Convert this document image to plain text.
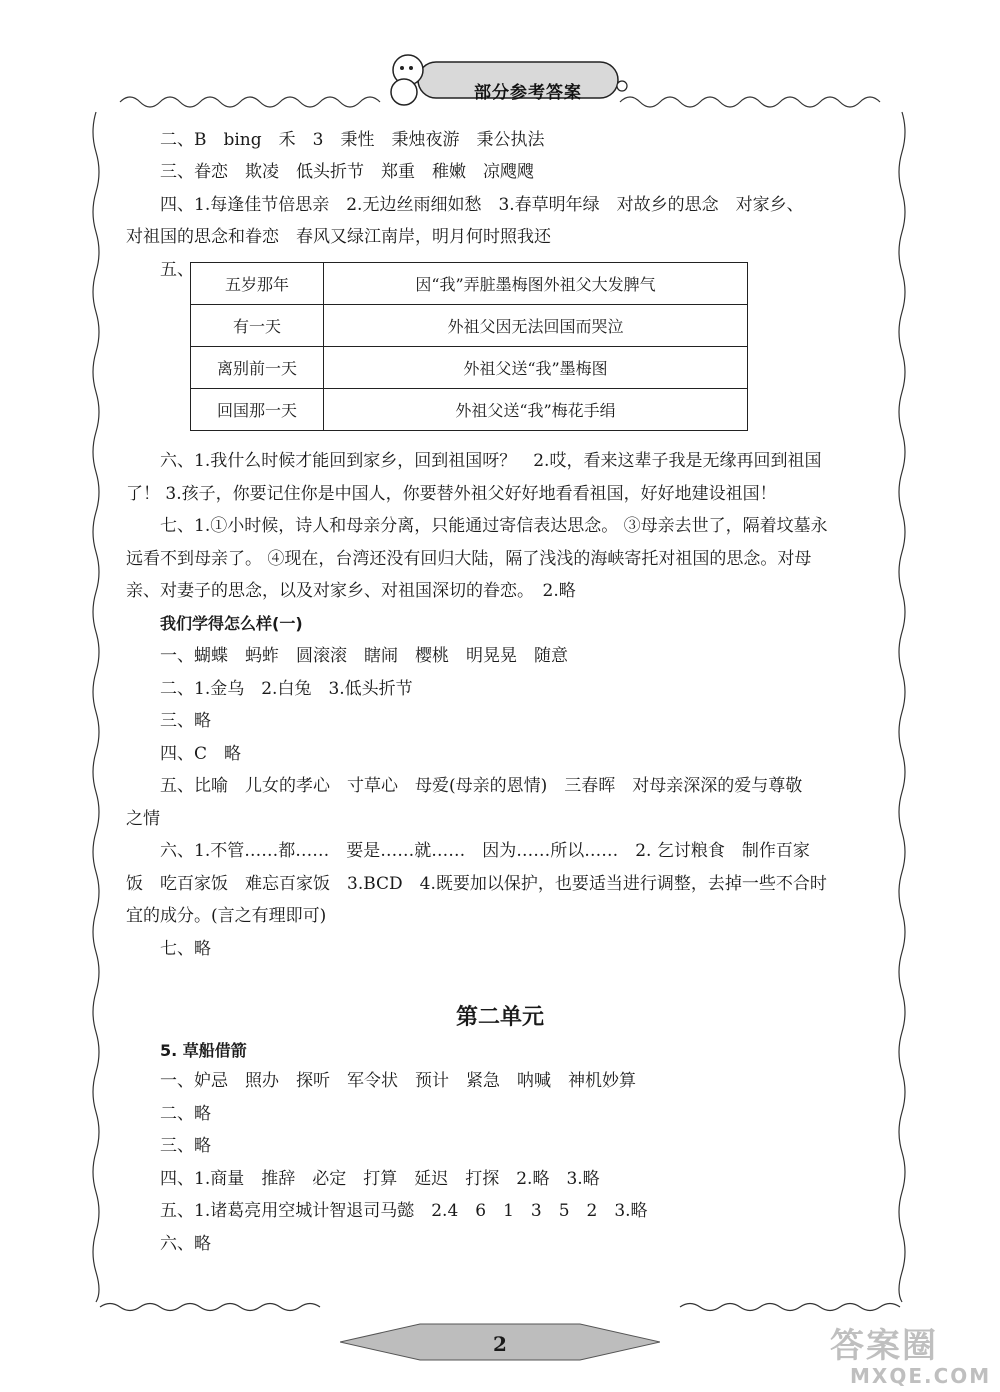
部分参考答案
二、B　bing　禾　3　秉性　秉烛夜游　秉公执法
三、眷恋　欺凌　低头折节　郑重　稚嫩　凉飕飕
四、1.每逢佳节倍思亲　2.无边丝雨细如愁　3.春草明年绿　对故乡的思念　对家乡、
对祖国的思念和眷恋　春风又绿江南岸，明月何时照我还
五、
五岁那年	因“我”弄脏墨梅图外祖父大发脾气
有一天	外祖父因无法回国而哭泣
离别前一天	外祖父送“我”墨梅图
回国那一天	外祖父送“我”梅花手绢
六、1.我什么时候才能回到家乡，回到祖国呀？　2.哎，看来这辈子我是无缘再回到祖国
了！ 3.孩子，你要记住你是中国人，你要替外祖父好好地看看祖国，好好地建设祖国！
七、1.①小时候，诗人和母亲分离，只能通过寄信表达思念。 ③母亲去世了，隔着坟墓永
远看不到母亲了。 ④现在，台湾还没有回归大陆，隔了浅浅的海峡寄托对祖国的思念。对母
亲、对妻子的思念，以及对家乡、对祖国深切的眷恋。　2.略
我们学得怎么样(一)
一、蝴蝶　蚂蚱　圆滚滚　瞎闹　樱桃　明晃晃　随意
二、1.金乌　2.白兔　3.低头折节
三、略
四、C　略
五、比喻　儿女的孝心　寸草心　母爱(母亲的恩情)　三春晖　对母亲深深的爱与尊敬
之情
六、1.不管……都……　要是……就……　因为……所以……　2. 乞讨粮食　制作百家
饭　吃百家饭　难忘百家饭　3.BCD　4.既要加以保护，也要适当进行调整，去掉一些不合时
宜的成分。(言之有理即可)
七、略
第二单元
5. 草船借箭
一、妒忌　照办　探听　军令状　预计　紧急　呐喊　神机妙算
二、略
三、略
四、1.商量　推辞　必定　打算　延迟　打探　2.略　3.略
五、1.诸葛亮用空城计智退司马懿　2.4　6　1　3　5　2　3.略
六、略
2	答案圈
MXQE.COM
